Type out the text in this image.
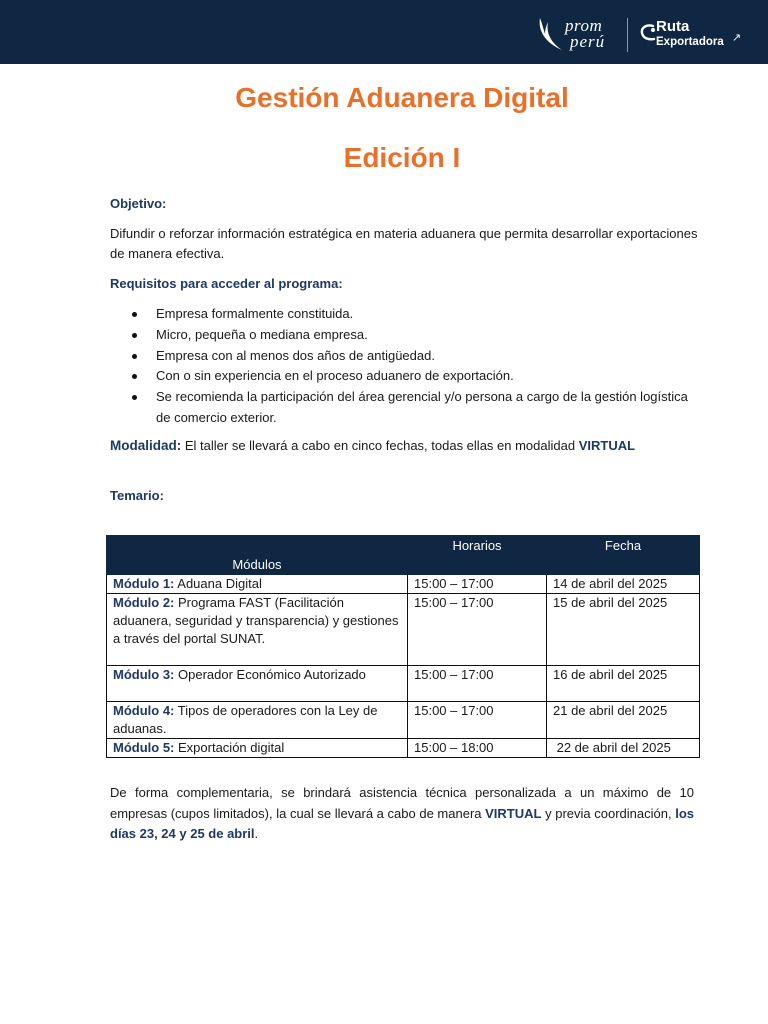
prom
perú
Ruta
Exportadora ↗
Gestión Aduanera Digital
Edición I

Objetivo:

Difundir o reforzar información estratégica en materia aduanera que permita desarrollar exportaciones de manera efectiva.

Requisitos para acceder al programa:

Empresa formalmente constituida.
Micro, pequeña o mediana empresa.
Empresa con al menos dos años de antigüedad.
Con o sin experiencia en el proceso aduanero de exportación.
Se recomienda la participación del área gerencial y/o persona a cargo de la gestión logística de comercio exterior.

Modalidad: El taller se llevará a cabo en cinco fechas, todas ellas en modalidad VIRTUAL

Temario:

Módulos	Horarios	Fecha
Módulo 1: Aduana Digital	15:00 – 17:00	14 de abril del 2025
Módulo 2: Programa FAST (Facilitación aduanera, seguridad y transparencia) y gestiones a través del portal SUNAT.	15:00 – 17:00	15 de abril del 2025
Módulo 3: Operador Económico Autorizado	15:00 – 17:00	16 de abril del 2025
Módulo 4: Tipos de operadores con la Ley de aduanas.	15:00 – 17:00	21 de abril del 2025
Módulo 5: Exportación digital	15:00 – 18:00	22 de abril del 2025

De forma complementaria, se brindará asistencia técnica personalizada a un máximo de 10 empresas (cupos limitados), la cual se llevará a cabo de manera VIRTUAL y previa coordinación, los días 23, 24 y 25 de abril.
